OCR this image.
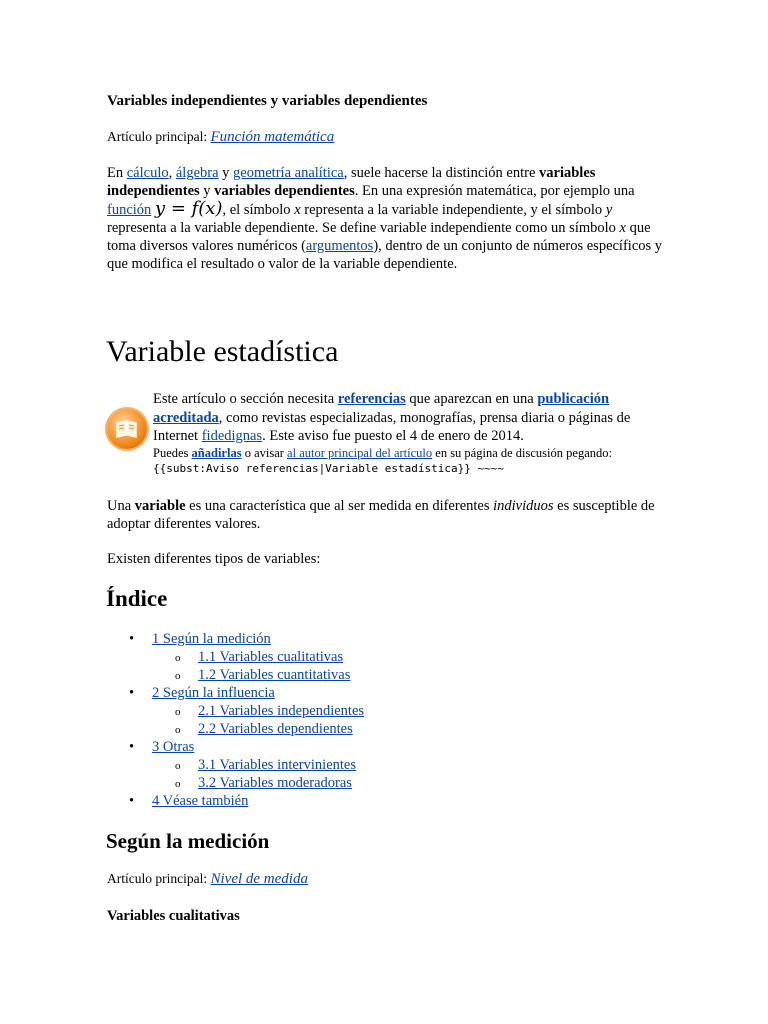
Variables independientes y variables dependientes
Artículo principal: Función matemática
En cálculo, álgebra y geometría analítica, suele hacerse la distinción entre variables independientes y variables dependientes. En una expresión matemática, por ejemplo una
función y = f(x), el símbolo x representa a la variable independiente, y el símbolo y representa a la variable dependiente. Se define variable independiente como un símbolo x que toma diversos valores numéricos (argumentos), dentro de un conjunto de números específicos y que modifica el resultado o valor de la variable dependiente.
Variable estadística
Este artículo o sección necesita referencias que aparezcan en una publicación acreditada, como revistas especializadas, monografías, prensa diaria o páginas de Internet fidedignas. Este aviso fue puesto el 4 de enero de 2014.
Puedes añadirlas o avisar al autor principal del artículo en su página de discusión pegando:
{{subst:Aviso referencias|Variable estadística}} ~~~~
Una variable es una característica que al ser medida en diferentes individuos es susceptible de adoptar diferentes valores.
Existen diferentes tipos de variables:
Índice
• 1 Según la medición
o 1.1 Variables cualitativas
o 1.2 Variables cuantitativas
• 2 Según la influencia
o 2.1 Variables independientes
o 2.2 Variables dependientes
• 3 Otras
o 3.1 Variables intervinientes
o 3.2 Variables moderadoras
• 4 Véase también
Según la medición
Artículo principal: Nivel de medida
Variables cualitativas
